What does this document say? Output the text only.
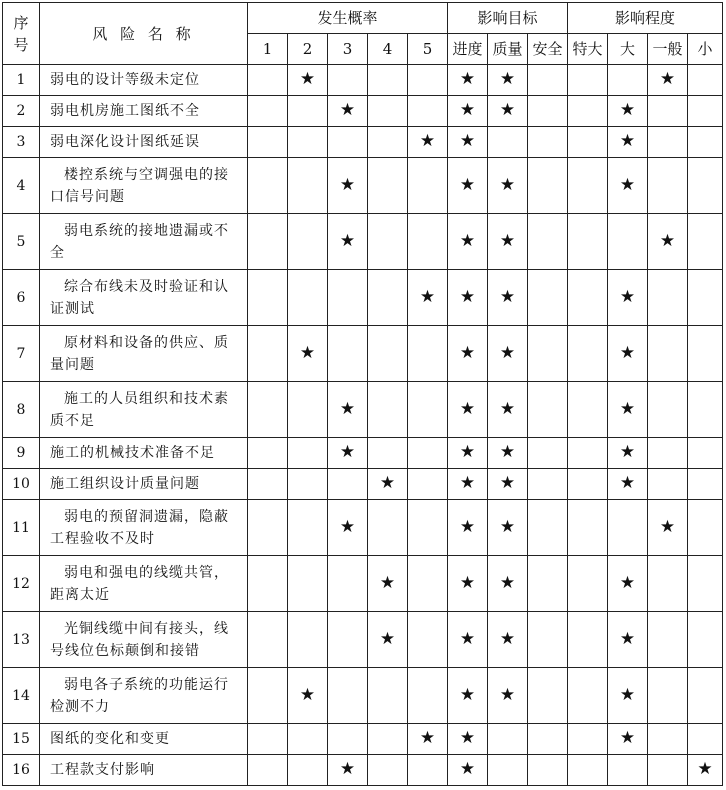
序号	风 险 名 称	发生概率					影响目标			影响程度			
		1	2	3	4	5	进度	质量	安全	特大	大	一般	小
1	弱电的设计等级未定位		★				★	★				★	
2	弱电机房施工图纸不全			★			★	★			★		
3	弱电深化设计图纸延误					★	★				★		
4	楼控系统与空调强电的接口信号问题			★			★	★			★		
5	弱电系统的接地遗漏或不全			★			★	★				★	
6	综合布线未及时验证和认证测试					★	★	★			★		
7	原材料和设备的供应、质量问题		★				★	★			★		
8	施工的人员组织和技术素质不足			★			★	★			★		
9	施工的机械技术准备不足			★			★	★			★		
10	施工组织设计质量问题				★		★	★			★		
11	弱电的预留洞遗漏，隐蔽工程验收不及时			★			★	★				★	
12	弱电和强电的线缆共管，距离太近				★		★	★			★		
13	光铜线缆中间有接头，线号线位色标颠倒和接错				★		★	★			★		
14	弱电各子系统的功能运行检测不力		★				★	★			★		
15	图纸的变化和变更					★	★				★		
16	工程款支付影响			★			★						★
